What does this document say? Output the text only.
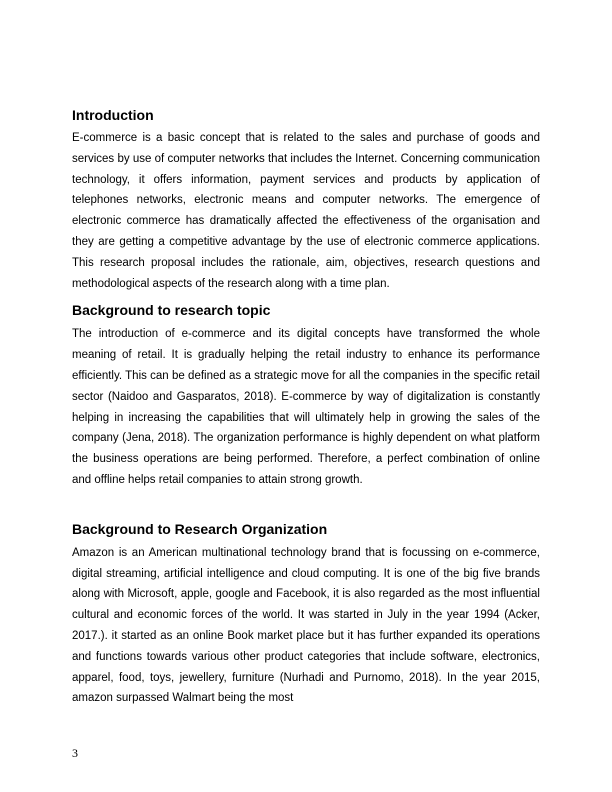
Introduction

E-commerce is a basic concept that is related to the sales and purchase of goods and services by use of computer networks that includes the Internet. Concerning communication technology, it offers information, payment services and products by application of telephones networks, electronic means and computer networks. The emergence of electronic commerce has dramatically affected the effectiveness of the organisation and they are getting a competitive advantage by the use of electronic commerce applications. This research proposal includes the rationale, aim, objectives, research questions and methodological aspects of the research along with a time plan.

Background to research topic

The introduction of e-commerce and its digital concepts have transformed the whole meaning of retail. It is gradually helping the retail industry to enhance its performance efficiently. This can be defined as a strategic move for all the companies in the specific retail sector (Naidoo and Gasparatos, 2018). E-commerce by way of digitalization is constantly helping in increasing the capabilities that will ultimately help in growing the sales of the company (Jena, 2018). The organization performance is highly dependent on what platform the business operations are being performed. Therefore, a perfect combination of online and offline helps retail companies to attain strong growth.

Background to Research Organization

Amazon is an American multinational technology brand that is focussing on e-commerce, digital streaming, artificial intelligence and cloud computing. It is one of the big five brands along with Microsoft, apple, google and Facebook, it is also regarded as the most influential cultural and economic forces of the world. It was started in July in the year 1994 (Acker, 2017.). it started as an online Book market place but it has further expanded its operations and functions towards various other product categories that include software, electronics, apparel, food, toys, jewellery, furniture (Nurhadi and Purnomo, 2018). In the year 2015, amazon surpassed Walmart being the most

3
